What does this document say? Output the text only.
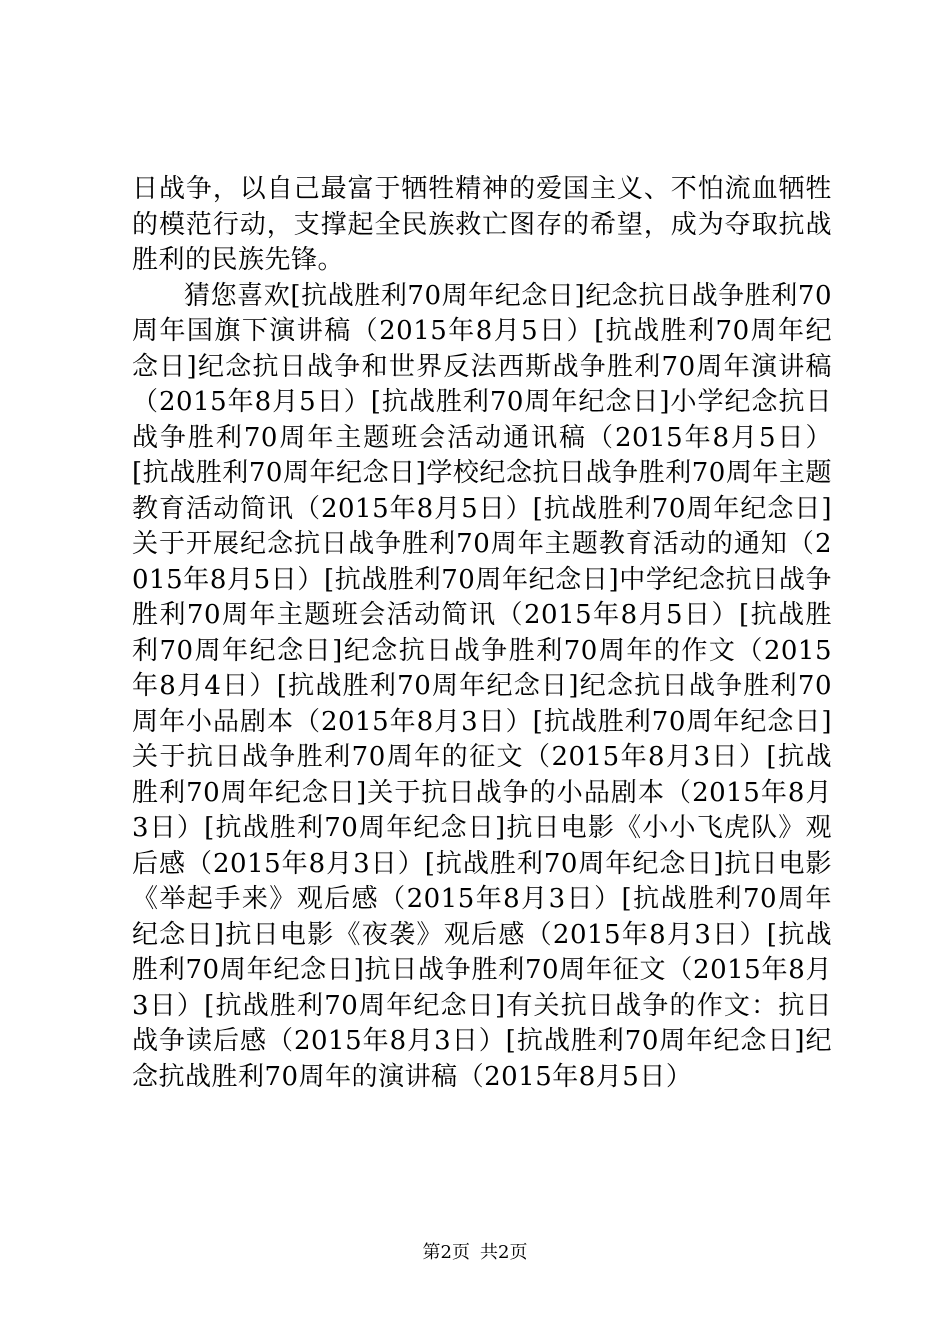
日战争，以自己最富于牺牲精神的爱国主义、不怕流血牺牲的模范行动，支撑起全民族救亡图存的希望，成为夺取抗战胜利的民族先锋。

猜您喜欢[抗战胜利70周年纪念日]纪念抗日战争胜利70周年国旗下演讲稿（2015年8月5日）[抗战胜利70周年纪念日]纪念抗日战争和世界反法西斯战争胜利70周年演讲稿（2015年8月5日）[抗战胜利70周年纪念日]小学纪念抗日战争胜利70周年主题班会活动通讯稿（2015年8月5日）[抗战胜利70周年纪念日]学校纪念抗日战争胜利70周年主题教育活动简讯（2015年8月5日）[抗战胜利70周年纪念日]关于开展纪念抗日战争胜利70周年主题教育活动的通知（2015年8月5日）[抗战胜利70周年纪念日]中学纪念抗日战争胜利70周年主题班会活动简讯（2015年8月5日）[抗战胜利70周年纪念日]纪念抗日战争胜利70周年的作文（2015年8月4日）[抗战胜利70周年纪念日]纪念抗日战争胜利70周年小品剧本（2015年8月3日）[抗战胜利70周年纪念日]关于抗日战争胜利70周年的征文（2015年8月3日）[抗战胜利70周年纪念日]关于抗日战争的小品剧本（2015年8月3日）[抗战胜利70周年纪念日]抗日电影《小小飞虎队》观后感（2015年8月3日）[抗战胜利70周年纪念日]抗日电影《举起手来》观后感（2015年8月3日）[抗战胜利70周年纪念日]抗日电影《夜袭》观后感（2015年8月3日）[抗战胜利70周年纪念日]抗日战争胜利70周年征文（2015年8月3日）[抗战胜利70周年纪念日]有关抗日战争的作文：抗日战争读后感（2015年8月3日）[抗战胜利70周年纪念日]纪念抗战胜利70周年的演讲稿（2015年8月5日）

第2页 共2页
